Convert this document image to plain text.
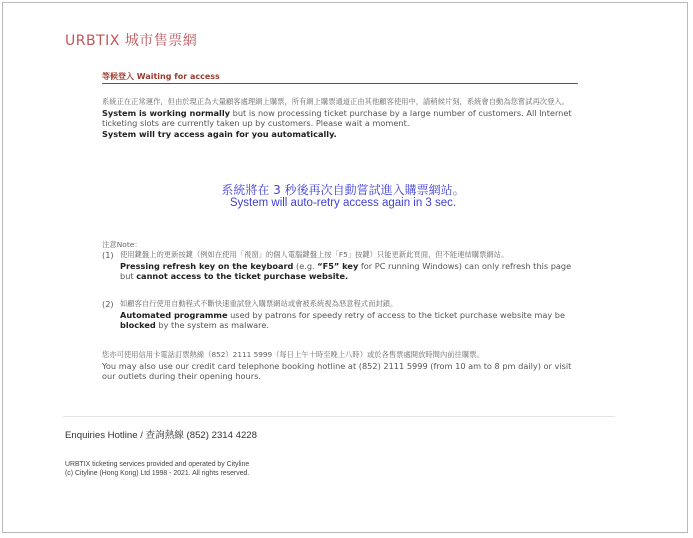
URBTIX 城市售票網
等候登入 Waiting for access
系統正在正常運作，但由於現正為大量顧客處理網上購票，所有網上購票通道正由其他顧客使用中，請稍候片刻，系統會自動為您嘗試再次登入。
System is working normally but is now processing ticket purchase by a large number of customers. All Internet ticketing slots are currently taken up by customers. Please wait a moment.
System will try access again for you automatically.
系統將在 3 秒後再次自動嘗試進入購票網站。
System will auto-retry access again in 3 sec.
注意Note：
(1) 使用鍵盤上的更新按鍵（例如在使用「視窗」的個人電腦鍵盤上按「F5」按鍵）只能更新此頁面，但不能連結購票網站。
Pressing refresh key on the keyboard (e.g. “F5” key for PC running Windows) can only refresh this page but cannot access to the ticket purchase website.
(2) 如顧客自行使用自動程式不斷快速重試登入購票網站或會被系統視為惡意程式而封鎖。
Automated programme used by patrons for speedy retry of access to the ticket purchase website may be blocked by the system as malware.
您亦可使用信用卡電話訂票熱線（852）2111 5999（每日上午十時至晚上八時）或於各售票處開放時間內前往購票。
You may also use our credit card telephone booking hotline at (852) 2111 5999 (from 10 am to 8 pm daily) or visit our outlets during their opening hours.
Enquiries Hotline / 查詢熱線 (852) 2314 4228
URBTIX ticketing services provided and operated by Cityline
(c) Cityline (Hong Kong) Ltd 1998 - 2021. All rights reserved.
